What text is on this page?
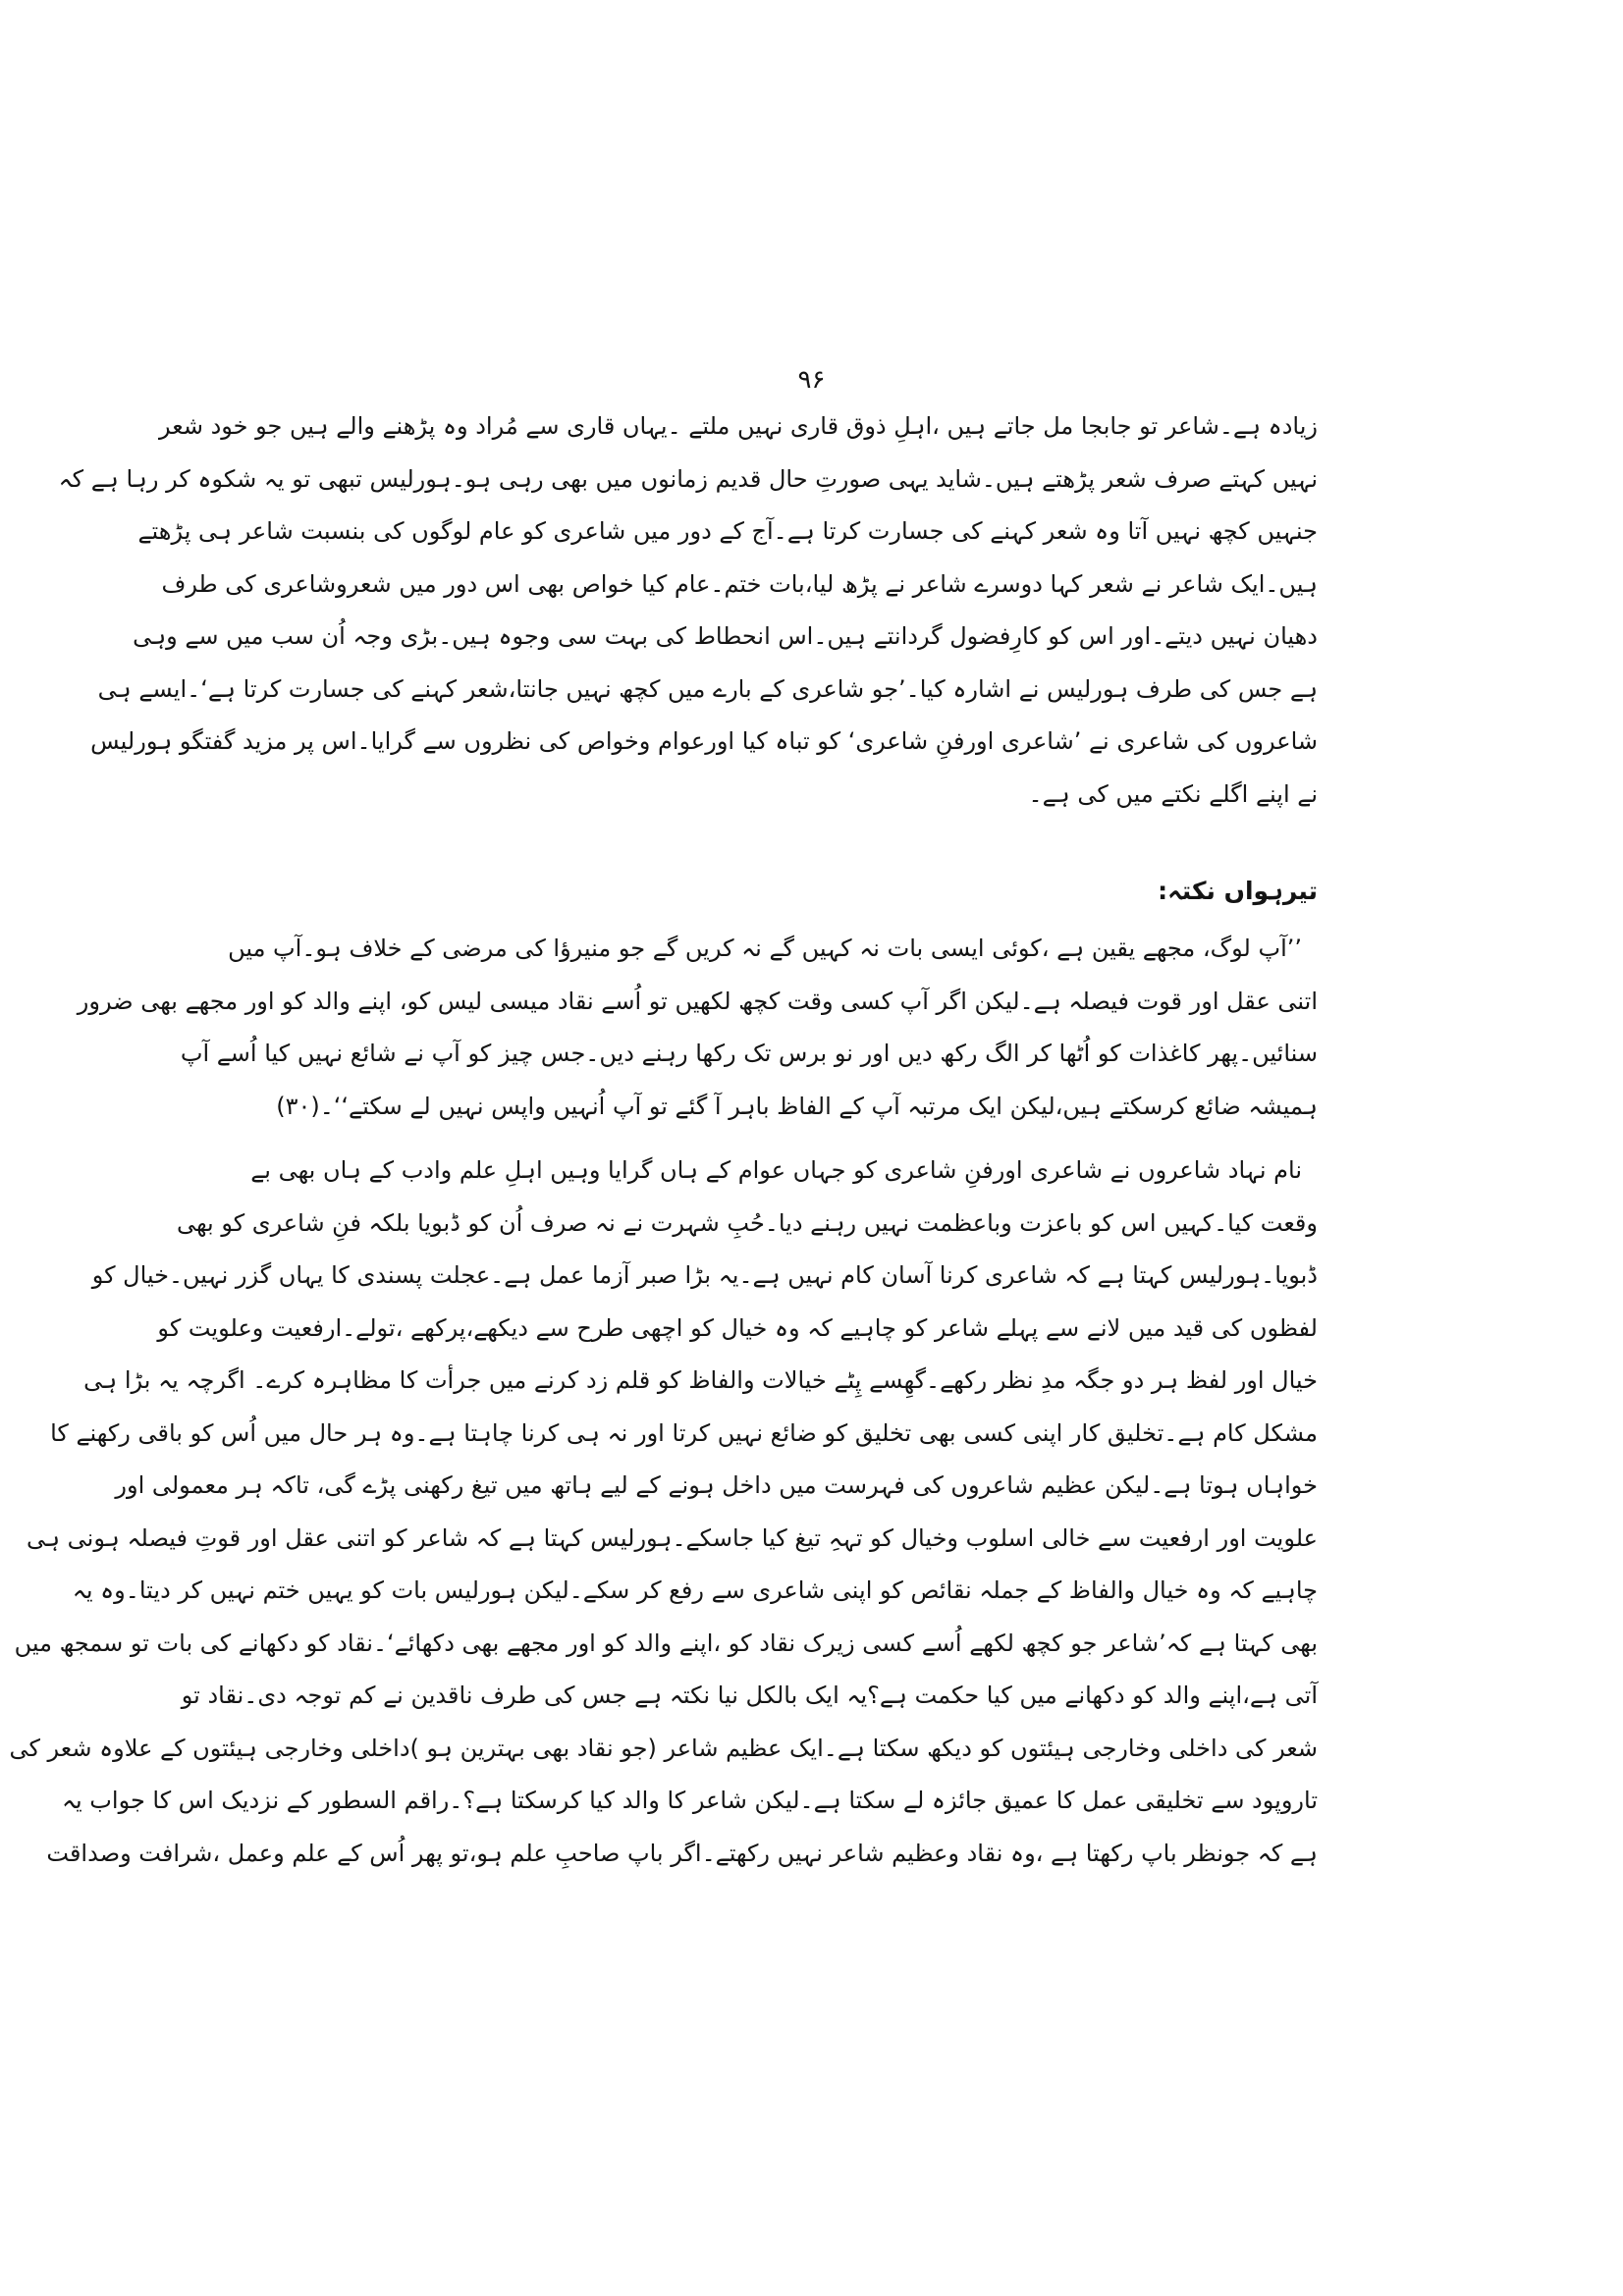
۹۶
زیادہ ہے۔شاعر تو جابجا مل جاتے ہیں ،اہلِ ذوق قاری نہیں ملتے ۔یہاں قاری سے مُراد وہ پڑھنے والے ہیں جو خود شعر
نہیں کہتے صرف شعر پڑھتے ہیں۔شاید یہی صورتِ حال قدیم زمانوں میں بھی رہی ہو۔ہورلیس تبھی تو یہ شکوہ کر رہا ہے کہ
جنہیں کچھ نہیں آتا وہ شعر کہنے کی جسارت کرتا ہے۔آج کے دور میں شاعری کو عام لوگوں کی بنسبت شاعر ہی پڑھتے
ہیں۔ایک شاعر نے شعر کہا دوسرے شاعر نے پڑھ لیا،بات ختم۔عام کیا خواص بھی اس دور میں شعروشاعری کی طرف
دھیان نہیں دیتے۔اور اس کو کارِفضول گردانتے ہیں۔اس انحطاط کی بہت سی وجوہ ہیں۔بڑی وجہ اُن سب میں سے وہی
ہے جس کی طرف ہورلیس نے اشارہ کیا۔’جو شاعری کے بارے میں کچھ نہیں جانتا،شعر کہنے کی جسارت کرتا ہے‘۔ایسے ہی
شاعروں کی شاعری نے ’شاعری اورفنِ شاعری‘ کو تباہ کیا اورعوام وخواص کی نظروں سے گرایا۔اس پر مزید گفتگو ہورلیس
نے اپنے اگلے نکتے میں کی ہے۔
تیرہواں نکتہ:
’’آپ لوگ، مجھے یقین ہے ،کوئی ایسی بات نہ کہیں گے نہ کریں گے جو منیرؤا کی مرضی کے خلاف ہو۔آپ میں
اتنی عقل اور قوت فیصلہ ہے۔لیکن اگر آپ کسی وقت کچھ لکھیں تو اُسے نقاد میسی لیس کو، اپنے والد کو اور مجھے بھی ضرور
سنائیں۔پھر کاغذات کو اُٹھا کر الگ رکھ دیں اور نو برس تک رکھا رہنے دیں۔جس چیز کو آپ نے شائع نہیں کیا اُسے آپ
ہمیشہ ضائع کرسکتے ہیں،لیکن ایک مرتبہ آپ کے الفاظ باہر آ گئے تو آپ اُنہیں واپس نہیں لے سکتے‘‘۔(۳۰)
نام نہاد شاعروں نے شاعری اورفنِ شاعری کو جہاں عوام کے ہاں گرایا وہیں اہلِ علم وادب کے ہاں بھی بے
وقعت کیا۔کہیں اس کو باعزت وباعظمت نہیں رہنے دیا۔حُبِ شہرت نے نہ صرف اُن کو ڈبویا بلکہ فنِ شاعری کو بھی
ڈبویا۔ہورلیس کہتا ہے کہ شاعری کرنا آسان کام نہیں ہے۔یہ بڑا صبر آزما عمل ہے۔عجلت پسندی کا یہاں گزر نہیں۔خیال کو
لفظوں کی قید میں لانے سے پہلے شاعر کو چاہیے کہ وہ خیال کو اچھی طرح سے دیکھے،پرکھے ،تولے۔ارفعیت وعلویت کو
خیال اور لفظ ہر دو جگہ مدِ نظر رکھے۔گھِسے پِٹے خیالات والفاظ کو قلم زد کرنے میں جرأت کا مظاہرہ کرے۔ اگرچہ یہ بڑا ہی
مشکل کام ہے۔تخلیق کار اپنی کسی بھی تخلیق کو ضائع نہیں کرتا اور نہ ہی کرنا چاہتا ہے۔وہ ہر حال میں اُس کو باقی رکھنے کا
خواہاں ہوتا ہے۔لیکن عظیم شاعروں کی فہرست میں داخل ہونے کے لیے ہاتھ میں تیغ رکھنی پڑے گی، تاکہ ہر معمولی اور
علویت اور ارفعیت سے خالی اسلوب وخیال کو تہہِ تیغ کیا جاسکے۔ہورلیس کہتا ہے کہ شاعر کو اتنی عقل اور قوتِ فیصلہ ہونی ہی
چاہیے کہ وہ خیال والفاظ کے جملہ نقائص کو اپنی شاعری سے رفع کر سکے۔لیکن ہورلیس بات کو یہیں ختم نہیں کر دیتا۔وہ یہ
بھی کہتا ہے کہ’شاعر جو کچھ لکھے اُسے کسی زیرک نقاد کو ،اپنے والد کو اور مجھے بھی دکھائے‘۔نقاد کو دکھانے کی بات تو سمجھ میں
آتی ہے،اپنے والد کو دکھانے میں کیا حکمت ہے؟یہ ایک بالکل نیا نکتہ ہے جس کی طرف ناقدین نے کم توجہ دی۔نقاد تو
شعر کی داخلی وخارجی ہیئتوں کو دیکھ سکتا ہے۔ایک عظیم شاعر (جو نقاد بھی بہترین ہو )داخلی وخارجی ہیئتوں کے علاوہ شعر کی
تاروپود سے تخلیقی عمل کا عمیق جائزہ لے سکتا ہے۔لیکن شاعر کا والد کیا کرسکتا ہے؟۔راقم السطور کے نزدیک اس کا جواب یہ
ہے کہ جونظر باپ رکھتا ہے ،وہ نقاد وعظیم شاعر نہیں رکھتے۔اگر باپ صاحبِ علم ہو،تو پھر اُس کے علم وعمل ،شرافت وصداقت
